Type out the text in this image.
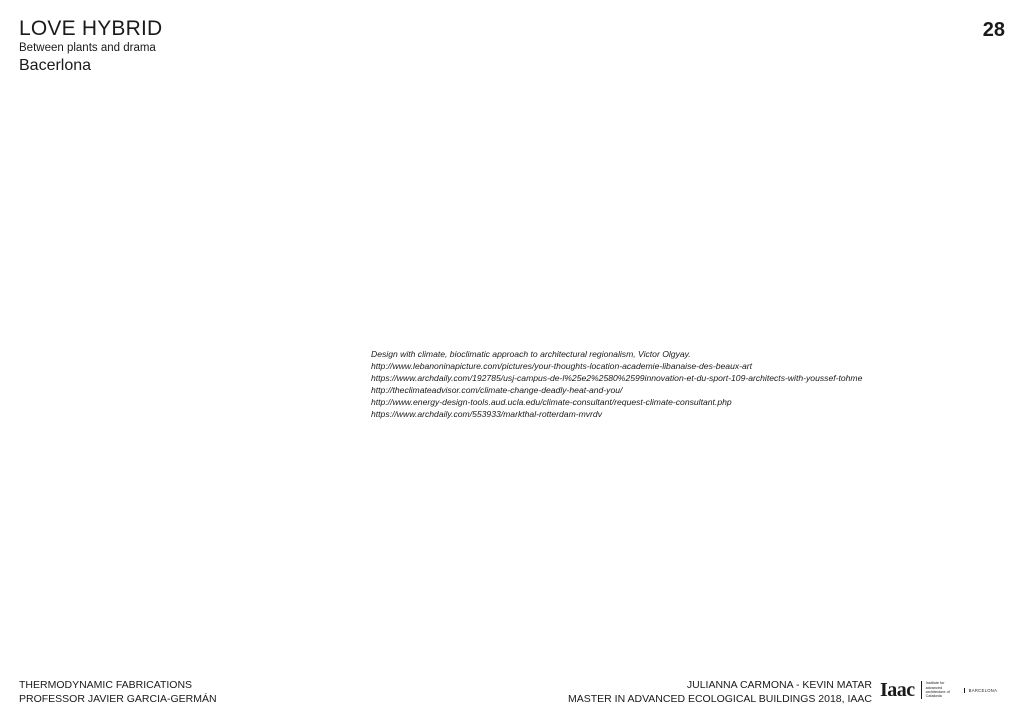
LOVE HYBRID
Between plants and drama
Bacerlona
28
Design with climate, bioclimatic approach to architectural regionalism, Victor Olgyay.
http://www.lebanoninapicture.com/pictures/your-thoughts-location-academie-libanaise-des-beaux-art
https://www.archdaily.com/192785/usj-campus-de-l%25e2%2580%2599innovation-et-du-sport-109-architects-with-youssef-tohme
http://theclimateadvisor.com/climate-change-deadly-heat-and-you/
http://www.energy-design-tools.aud.ucla.edu/climate-consultant/request-climate-consultant.php
https://www.archdaily.com/553933/markthal-rotterdam-mvrdv
THERMODYNAMIC FABRICATIONS
PROFESSOR JAVIER GARCIA-GERMÁN
JULIANNA CARMONA - KEVIN MATAR
MASTER IN ADVANCED ECOLOGICAL BUILDINGS 2018, IAAC Iaac	Institute for advanced architecture of Catalonia
BARCELONA
